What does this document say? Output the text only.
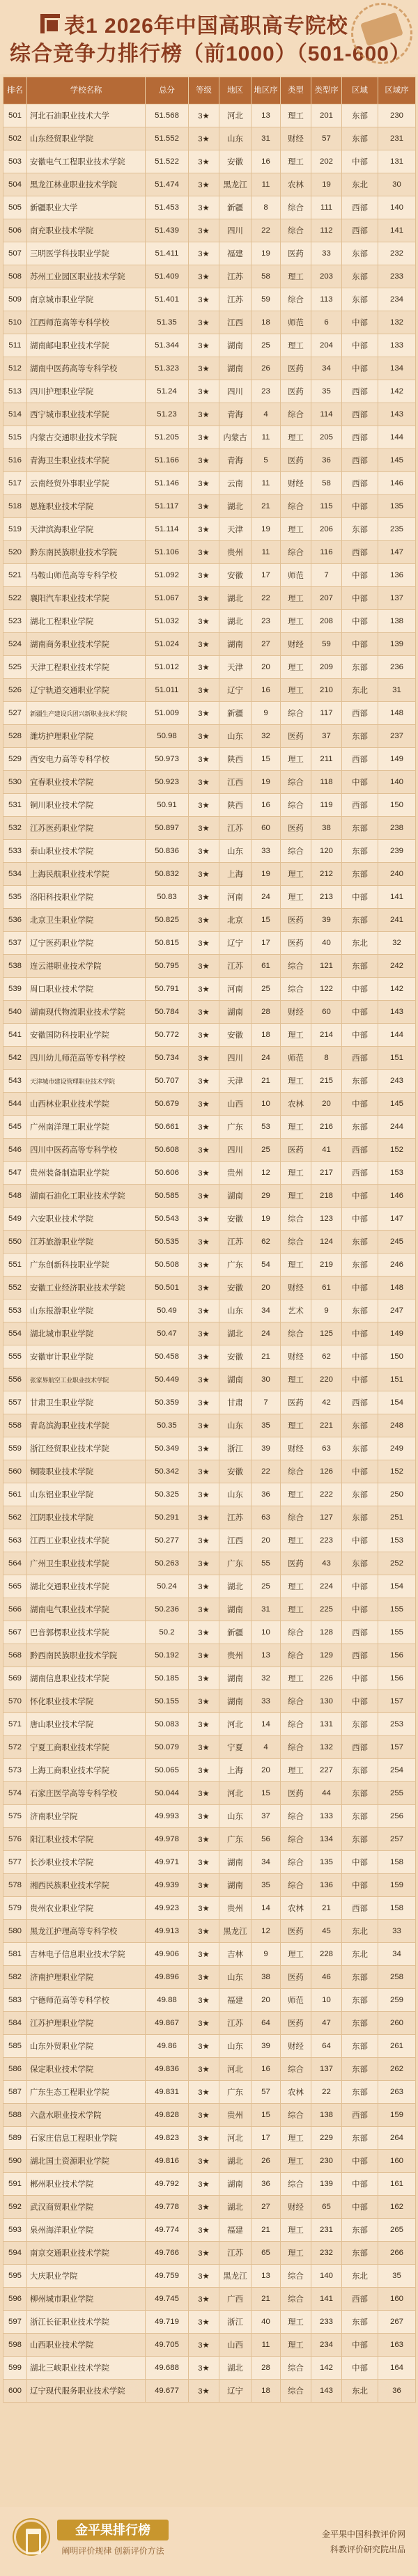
表1 2026年中国高职高专院校
综合竞争力排行榜（前1000）（501-600）
排名	学校名称	总分	等级	地区	地区序	类型	类型序	区域	区域序
501	河北石油职业技术大学	51.568	3★	河北	13	理工	201	东部	230
502	山东经贸职业学院	51.552	3★	山东	31	财经	57	东部	231
503	安徽电气工程职业技术学院	51.522	3★	安徽	16	理工	202	中部	131
504	黑龙江林业职业技术学院	51.474	3★	黑龙江	11	农林	19	东北	30
505	新疆职业大学	51.453	3★	新疆	8	综合	111	西部	140
506	南充职业技术学院	51.439	3★	四川	22	综合	112	西部	141
507	三明医学科技职业学院	51.411	3★	福建	19	医药	33	东部	232
508	苏州工业园区职业技术学院	51.409	3★	江苏	58	理工	203	东部	233
509	南京城市职业学院	51.401	3★	江苏	59	综合	113	东部	234
510	江西师范高等专科学校	51.35	3★	江西	18	师范	6	中部	132
511	湖南邮电职业技术学院	51.344	3★	湖南	25	理工	204	中部	133
512	湖南中医药高等专科学校	51.323	3★	湖南	26	医药	34	中部	134
513	四川护理职业学院	51.24	3★	四川	23	医药	35	西部	142
514	西宁城市职业技术学院	51.23	3★	青海	4	综合	114	西部	143
515	内蒙古交通职业技术学院	51.205	3★	内蒙古	11	理工	205	西部	144
516	青海卫生职业技术学院	51.166	3★	青海	5	医药	36	西部	145
517	云南经贸外事职业学院	51.146	3★	云南	11	财经	58	西部	146
518	恩施职业技术学院	51.117	3★	湖北	21	综合	115	中部	135
519	天津滨海职业学院	51.114	3★	天津	19	理工	206	东部	235
520	黔东南民族职业技术学院	51.106	3★	贵州	11	综合	116	西部	147
521	马鞍山师范高等专科学校	51.092	3★	安徽	17	师范	7	中部	136
522	襄阳汽车职业技术学院	51.067	3★	湖北	22	理工	207	中部	137
523	湖北工程职业学院	51.032	3★	湖北	23	理工	208	中部	138
524	湖南商务职业技术学院	51.024	3★	湖南	27	财经	59	中部	139
525	天津工程职业技术学院	51.012	3★	天津	20	理工	209	东部	236
526	辽宁轨道交通职业学院	51.011	3★	辽宁	16	理工	210	东北	31
527	新疆生产建设兵团兴新职业技术学院	51.009	3★	新疆	9	综合	117	西部	148
528	潍坊护理职业学院	50.98	3★	山东	32	医药	37	东部	237
529	西安电力高等专科学校	50.973	3★	陕西	15	理工	211	西部	149
530	宜春职业技术学院	50.923	3★	江西	19	综合	118	中部	140
531	铜川职业技术学院	50.91	3★	陕西	16	综合	119	西部	150
532	江苏医药职业学院	50.897	3★	江苏	60	医药	38	东部	238
533	泰山职业技术学院	50.836	3★	山东	33	综合	120	东部	239
534	上海民航职业技术学院	50.832	3★	上海	19	理工	212	东部	240
535	洛阳科技职业学院	50.83	3★	河南	24	理工	213	中部	141
536	北京卫生职业学院	50.825	3★	北京	15	医药	39	东部	241
537	辽宁医药职业学院	50.815	3★	辽宁	17	医药	40	东北	32
538	连云港职业技术学院	50.795	3★	江苏	61	综合	121	东部	242
539	周口职业技术学院	50.791	3★	河南	25	综合	122	中部	142
540	湖南现代物流职业技术学院	50.784	3★	湖南	28	财经	60	中部	143
541	安徽国防科技职业学院	50.772	3★	安徽	18	理工	214	中部	144
542	四川幼儿师范高等专科学校	50.734	3★	四川	24	师范	8	西部	151
543	天津城市建设管理职业技术学院	50.707	3★	天津	21	理工	215	东部	243
544	山西林业职业技术学院	50.679	3★	山西	10	农林	20	中部	145
545	广州南洋理工职业学院	50.661	3★	广东	53	理工	216	东部	244
546	四川中医药高等专科学校	50.608	3★	四川	25	医药	41	西部	152
547	贵州装备制造职业学院	50.606	3★	贵州	12	理工	217	西部	153
548	湖南石油化工职业技术学院	50.585	3★	湖南	29	理工	218	中部	146
549	六安职业技术学院	50.543	3★	安徽	19	综合	123	中部	147
550	江苏旅游职业学院	50.535	3★	江苏	62	综合	124	东部	245
551	广东创新科技职业学院	50.508	3★	广东	54	理工	219	东部	246
552	安徽工业经济职业技术学院	50.501	3★	安徽	20	财经	61	中部	148
553	山东报游职业学院	50.49	3★	山东	34	艺术	9	东部	247
554	湖北城市职业学院	50.47	3★	湖北	24	综合	125	中部	149
555	安徽审计职业学院	50.458	3★	安徽	21	财经	62	中部	150
556	张家界航空工业职业技术学院	50.449	3★	湖南	30	理工	220	中部	151
557	甘肃卫生职业学院	50.359	3★	甘肃	7	医药	42	西部	154
558	青岛滨海职业技术学院	50.35	3★	山东	35	理工	221	东部	248
559	浙江经贸职业技术学院	50.349	3★	浙江	39	财经	63	东部	249
560	铜陵职业技术学院	50.342	3★	安徽	22	综合	126	中部	152
561	山东铝业职业学院	50.325	3★	山东	36	理工	222	东部	250
562	江阴职业技术学院	50.291	3★	江苏	63	综合	127	东部	251
563	江西工业职业技术学院	50.277	3★	江西	20	理工	223	中部	153
564	广州卫生职业技术学院	50.263	3★	广东	55	医药	43	东部	252
565	湖北交通职业技术学院	50.24	3★	湖北	25	理工	224	中部	154
566	湖南电气职业技术学院	50.236	3★	湖南	31	理工	225	中部	155
567	巴音郭楞职业技术学院	50.2	3★	新疆	10	综合	128	西部	155
568	黔西南民族职业技术学院	50.192	3★	贵州	13	综合	129	西部	156
569	湖南信息职业技术学院	50.185	3★	湖南	32	理工	226	中部	156
570	怀化职业技术学院	50.155	3★	湖南	33	综合	130	中部	157
571	唐山职业技术学院	50.083	3★	河北	14	综合	131	东部	253
572	宁夏工商职业技术学院	50.079	3★	宁夏	4	综合	132	西部	157
573	上海工商职业技术学院	50.065	3★	上海	20	理工	227	东部	254
574	石家庄医学高等专科学校	50.044	3★	河北	15	医药	44	东部	255
575	济南职业学院	49.993	3★	山东	37	综合	133	东部	256
576	阳江职业技术学院	49.978	3★	广东	56	综合	134	东部	257
577	长沙职业技术学院	49.971	3★	湖南	34	综合	135	中部	158
578	湘西民族职业技术学院	49.939	3★	湖南	35	综合	136	中部	159
579	贵州农业职业学院	49.923	3★	贵州	14	农林	21	西部	158
580	黑龙江护理高等专科学校	49.913	3★	黑龙江	12	医药	45	东北	33
581	吉林电子信息职业技术学院	49.906	3★	吉林	9	理工	228	东北	34
582	济南护理职业学院	49.896	3★	山东	38	医药	46	东部	258
583	宁德师范高等专科学校	49.88	3★	福建	20	师范	10	东部	259
584	江苏护理职业学院	49.867	3★	江苏	64	医药	47	东部	260
585	山东外贸职业学院	49.86	3★	山东	39	财经	64	东部	261
586	保定职业技术学院	49.836	3★	河北	16	综合	137	东部	262
587	广东生态工程职业学院	49.831	3★	广东	57	农林	22	东部	263
588	六盘水职业技术学院	49.828	3★	贵州	15	综合	138	西部	159
589	石家庄信息工程职业学院	49.823	3★	河北	17	理工	229	东部	264
590	湖北国土资源职业学院	49.816	3★	湖北	26	理工	230	中部	160
591	郴州职业技术学院	49.792	3★	湖南	36	综合	139	中部	161
592	武汉商贸职业学院	49.778	3★	湖北	27	财经	65	中部	162
593	泉州海洋职业学院	49.774	3★	福建	21	理工	231	东部	265
594	南京交通职业技术学院	49.766	3★	江苏	65	理工	232	东部	266
595	大庆职业学院	49.759	3★	黑龙江	13	综合	140	东北	35
596	柳州城市职业学院	49.745	3★	广西	21	综合	141	西部	160
597	浙江长征职业技术学院	49.719	3★	浙江	40	理工	233	东部	267
598	山西职业技术学院	49.705	3★	山西	11	理工	234	中部	163
599	湖北三峡职业技术学院	49.688	3★	湖北	28	综合	142	中部	164
600	辽宁现代服务职业技术学院	49.677	3★	辽宁	18	综合	143	东北	36
金平果排行榜
阐明评价规律 创新评价方法
金平果中国科教评价网
科教评价研究院出品
